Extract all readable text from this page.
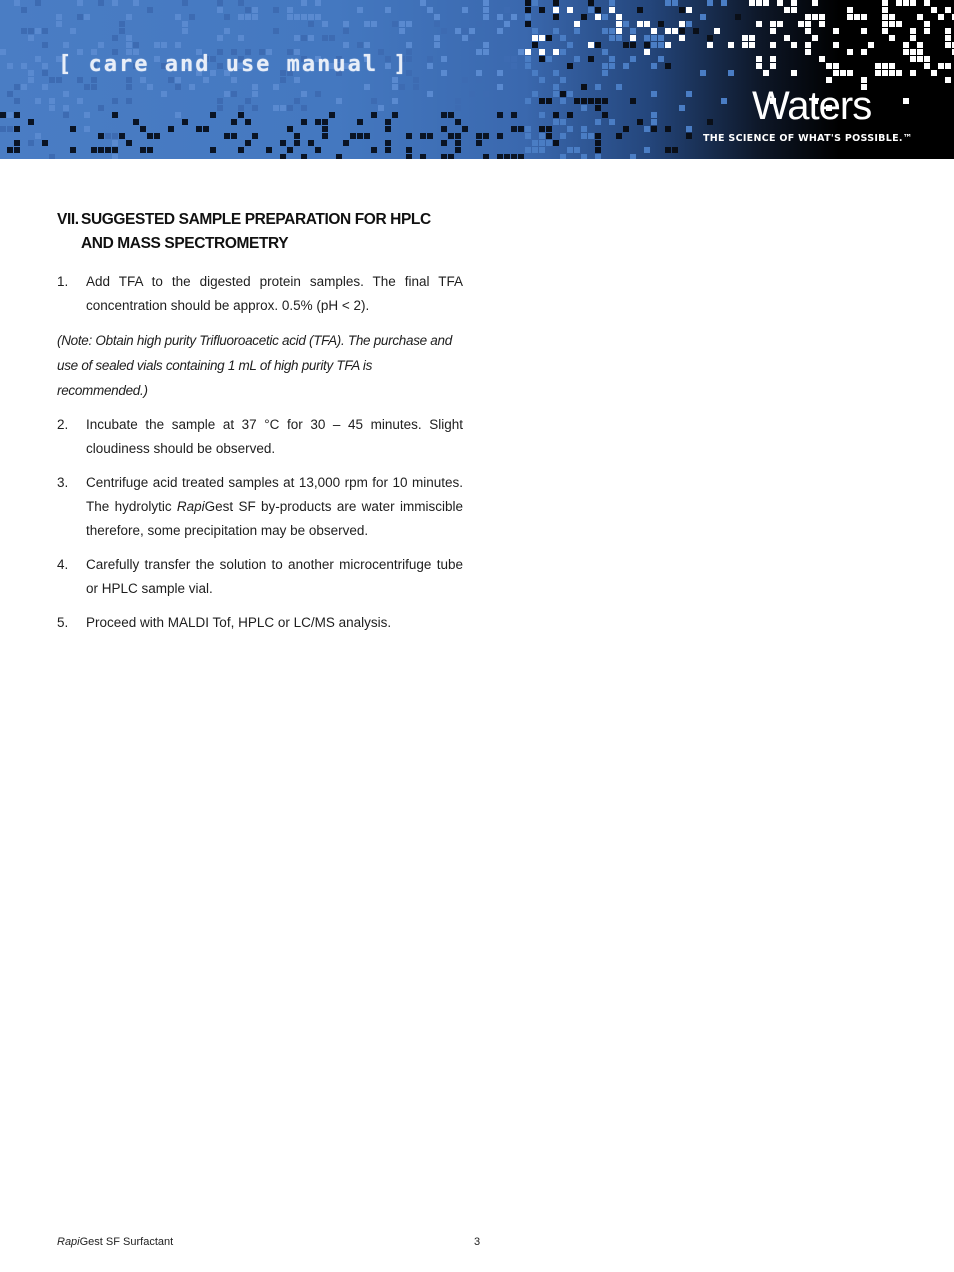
[ care and use manual ]
Waters
THE SCIENCE OF WHAT'S POSSIBLE.™
VII. SUGGESTED SAMPLE PREPARATION FOR HPLC AND MASS SPECTROMETRY
1.	Add TFA to the digested protein samples. The final TFA concentration should be approx. 0.5% (pH < 2).

(Note: Obtain high purity Trifluoroacetic acid (TFA). The purchase and use of sealed vials containing 1 mL of high purity TFA is recommended.)

2.	Incubate the sample at 37 °C for 30 – 45 minutes. Slight cloudiness should be observed.
3.	Centrifuge acid treated samples at 13,000 rpm for 10 minutes. The hydrolytic RapiGest SF by-products are water immiscible therefore, some precipitation may be observed.
4.	Carefully transfer the solution to another microcentrifuge tube or HPLC sample vial.
5.	Proceed with MALDI Tof, HPLC or LC/MS analysis.
RapiGest SF Surfactant	3
